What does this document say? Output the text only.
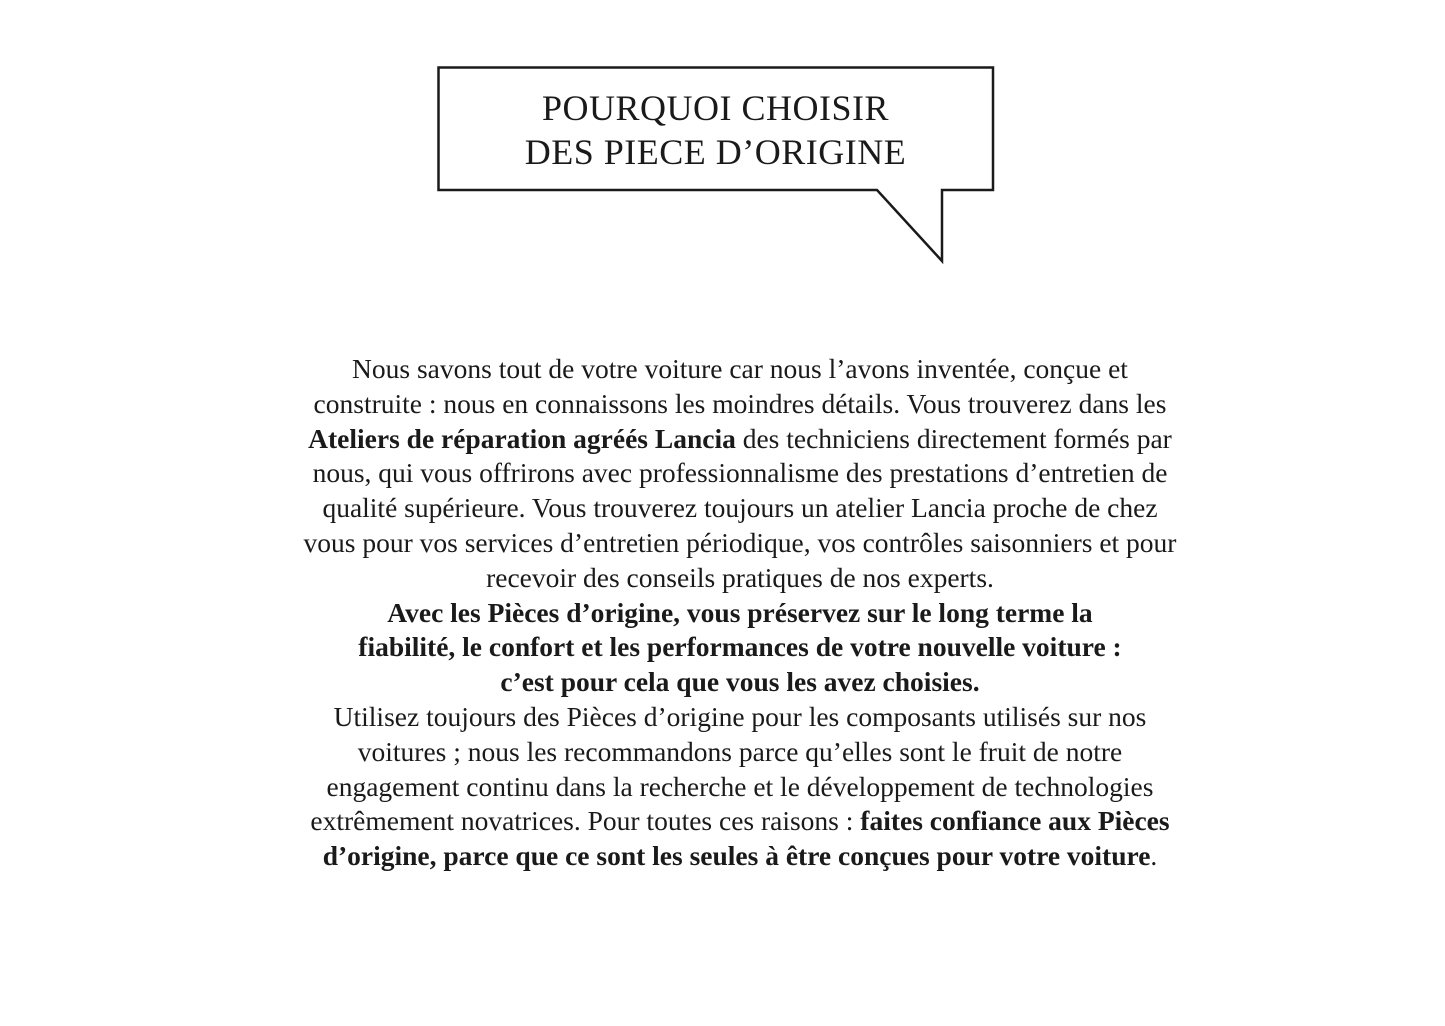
POURQUOI CHOISIR
DES PIECE D’ORIGINE

Nous savons tout de votre voiture car nous l’avons inventée, conçue et construite : nous en connaissons les moindres détails. Vous trouverez dans les Ateliers de réparation agréés Lancia des techniciens directement formés par nous, qui vous offrirons avec professionnalisme des prestations d’entretien de qualité supérieure. Vous trouverez toujours un atelier Lancia proche de chez vous pour vos services d’entretien périodique, vos contrôles saisonniers et pour recevoir des conseils pratiques de nos experts.

Avec les Pièces d’origine, vous préservez sur le long terme la fiabilité, le confort et les performances de votre nouvelle voiture : c’est pour cela que vous les avez choisies.

Utilisez toujours des Pièces d’origine pour les composants utilisés sur nos voitures ; nous les recommandons parce qu’elles sont le fruit de notre engagement continu dans la recherche et le développement de technologies extrêmement novatrices. Pour toutes ces raisons : faites confiance aux Pièces d’origine, parce que ce sont les seules à être conçues pour votre voiture.
